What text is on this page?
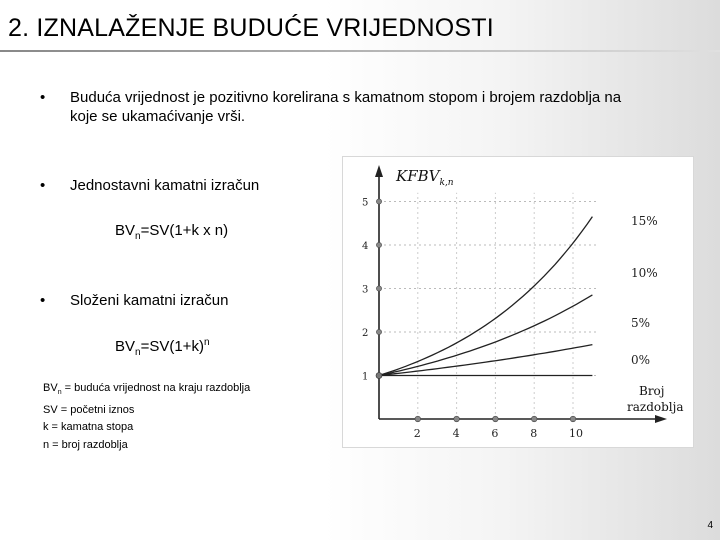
2. IZNALAŽENJE BUDUĆE VRIJEDNOSTI
• Buduća vrijednost je pozitivno korelirana s kamatnom stopom i brojem razdoblja na
koje se ukamaćivanje vrši.
• Jednostavni kamatni izračun
$BV_n=SV(1+k$ x n)
• Složeni kamatni izračun
$BV_n=SV(1+k)^n$
$BV_n$ = buduća vrijednost na kraju razdoblja
SV = početni iznos
k = kamatna stopa
n = broj razdoblja
1
2
3
4
5
2	4	6	8	10
15%
10%
5%
0%
$KFBV_{k,n}$
Broj
razdoblja
4
